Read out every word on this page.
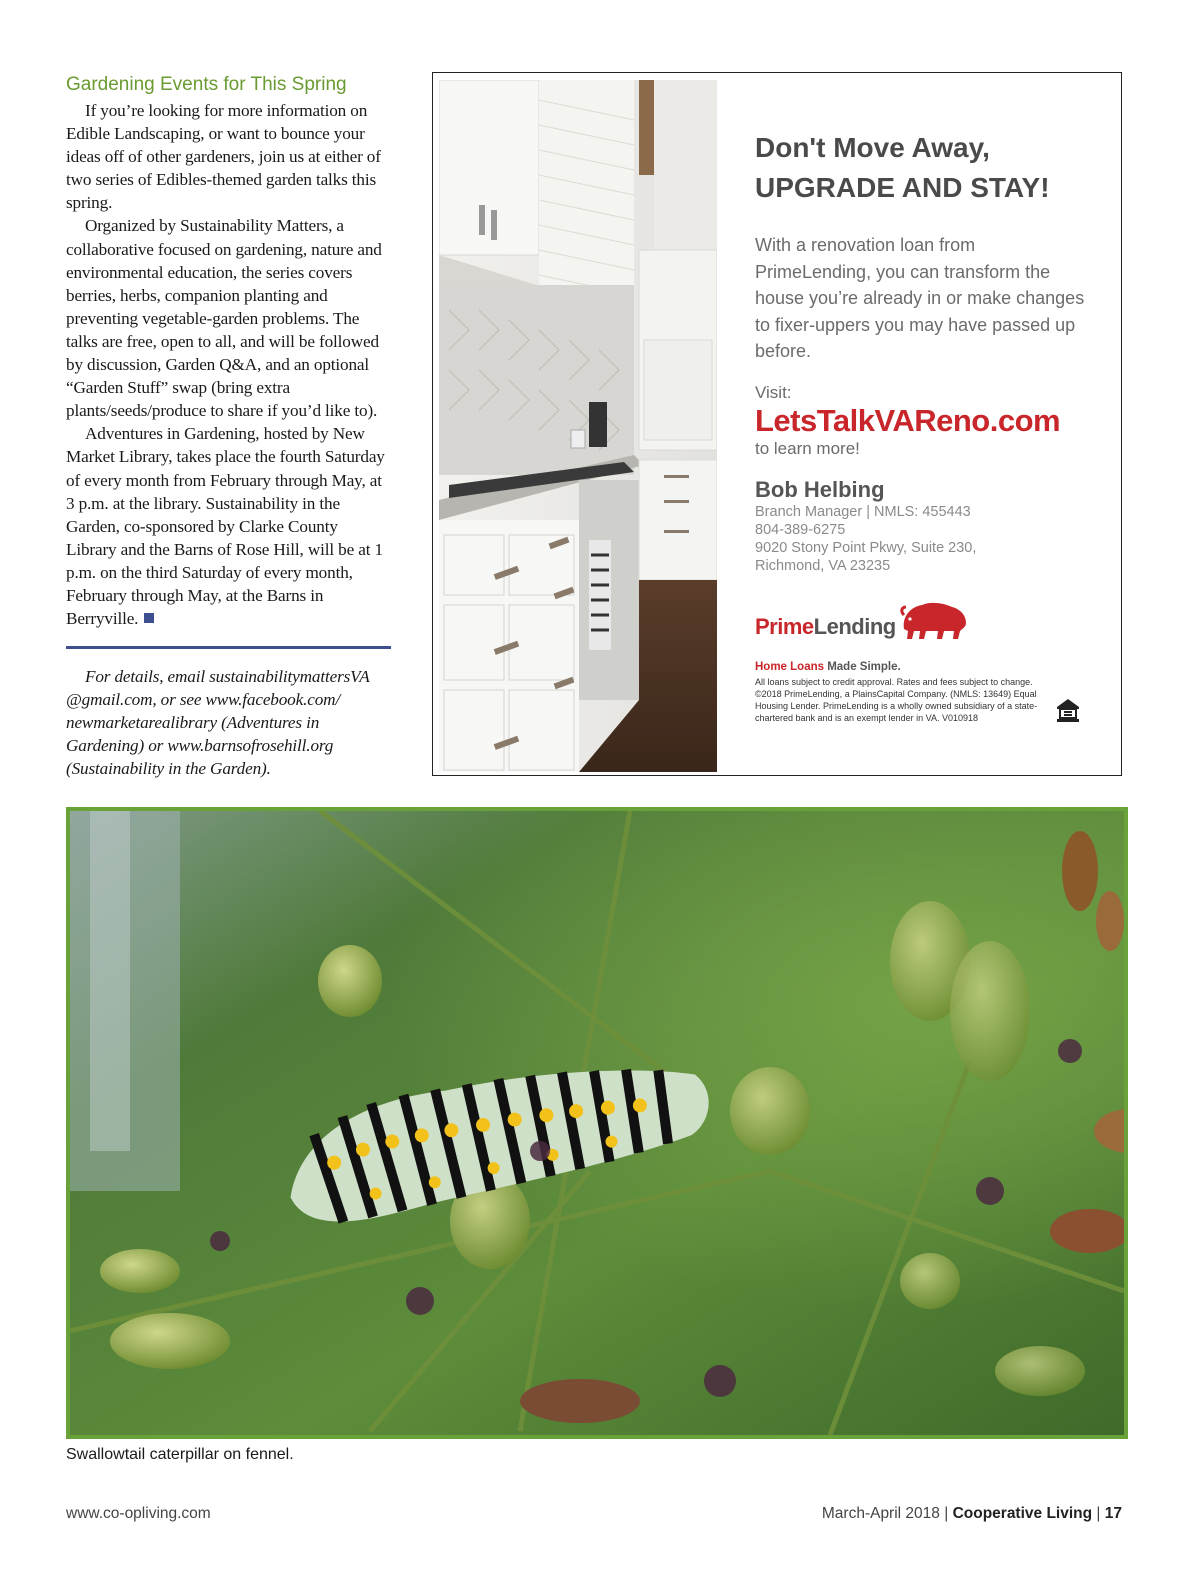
Gardening Events for This Spring

If you’re looking for more information on Edible Landscaping, or want to bounce your ideas off of other gardeners, join us at either of two series of Edibles-themed garden talks this spring.

Organized by Sustainability Matters, a collaborative focused on gardening, nature and environmental education, the series covers berries, herbs, companion planting and preventing vegetable-garden problems. The talks are free, open to all, and will be followed by discussion, Garden Q&A, and an optional “Garden Stuff” swap (bring extra plants/seeds/produce to share if you’d like to).

Adventures in Gardening, hosted by New Market Library, takes place the fourth Saturday of every month from February through May, at 3 p.m. at the library. Sustainability in the Garden, co-sponsored by Clarke County Library and the Barns of Rose Hill, will be at 1 p.m. on the third Saturday of every month, February through May, at the Barns in Berryville.

For details, email sustainabilitymattersVA @gmail.com, or see www.facebook.com/ newmarketarealibrary (Adventures in Gardening) or www.barnsofrosehill.org (Sustainability in the Garden).
Don't Move Away,
UPGRADE AND STAY!
With a renovation loan from PrimeLending, you can transform the house you’re already in or make changes to fixer-uppers you may have passed up before.
Visit:
LetsTalkVAReno.com
to learn more!
Bob Helbing
Branch Manager | NMLS: 455443
804-389-6275
9020 Stony Point Pkwy, Suite 230,
Richmond, VA 23235
PrimeLending
Home Loans Made Simple.
All loans subject to credit approval. Rates and fees subject to change. ©2018 PrimeLending, a PlainsCapital Company. (NMLS: 13649) Equal Housing Lender. PrimeLending is a wholly owned subsidiary of a state-chartered bank and is an exempt lender in VA. V010918
Swallowtail caterpillar on fennel.
www.co-opliving.com	March-April 2018 | Cooperative Living | 17
